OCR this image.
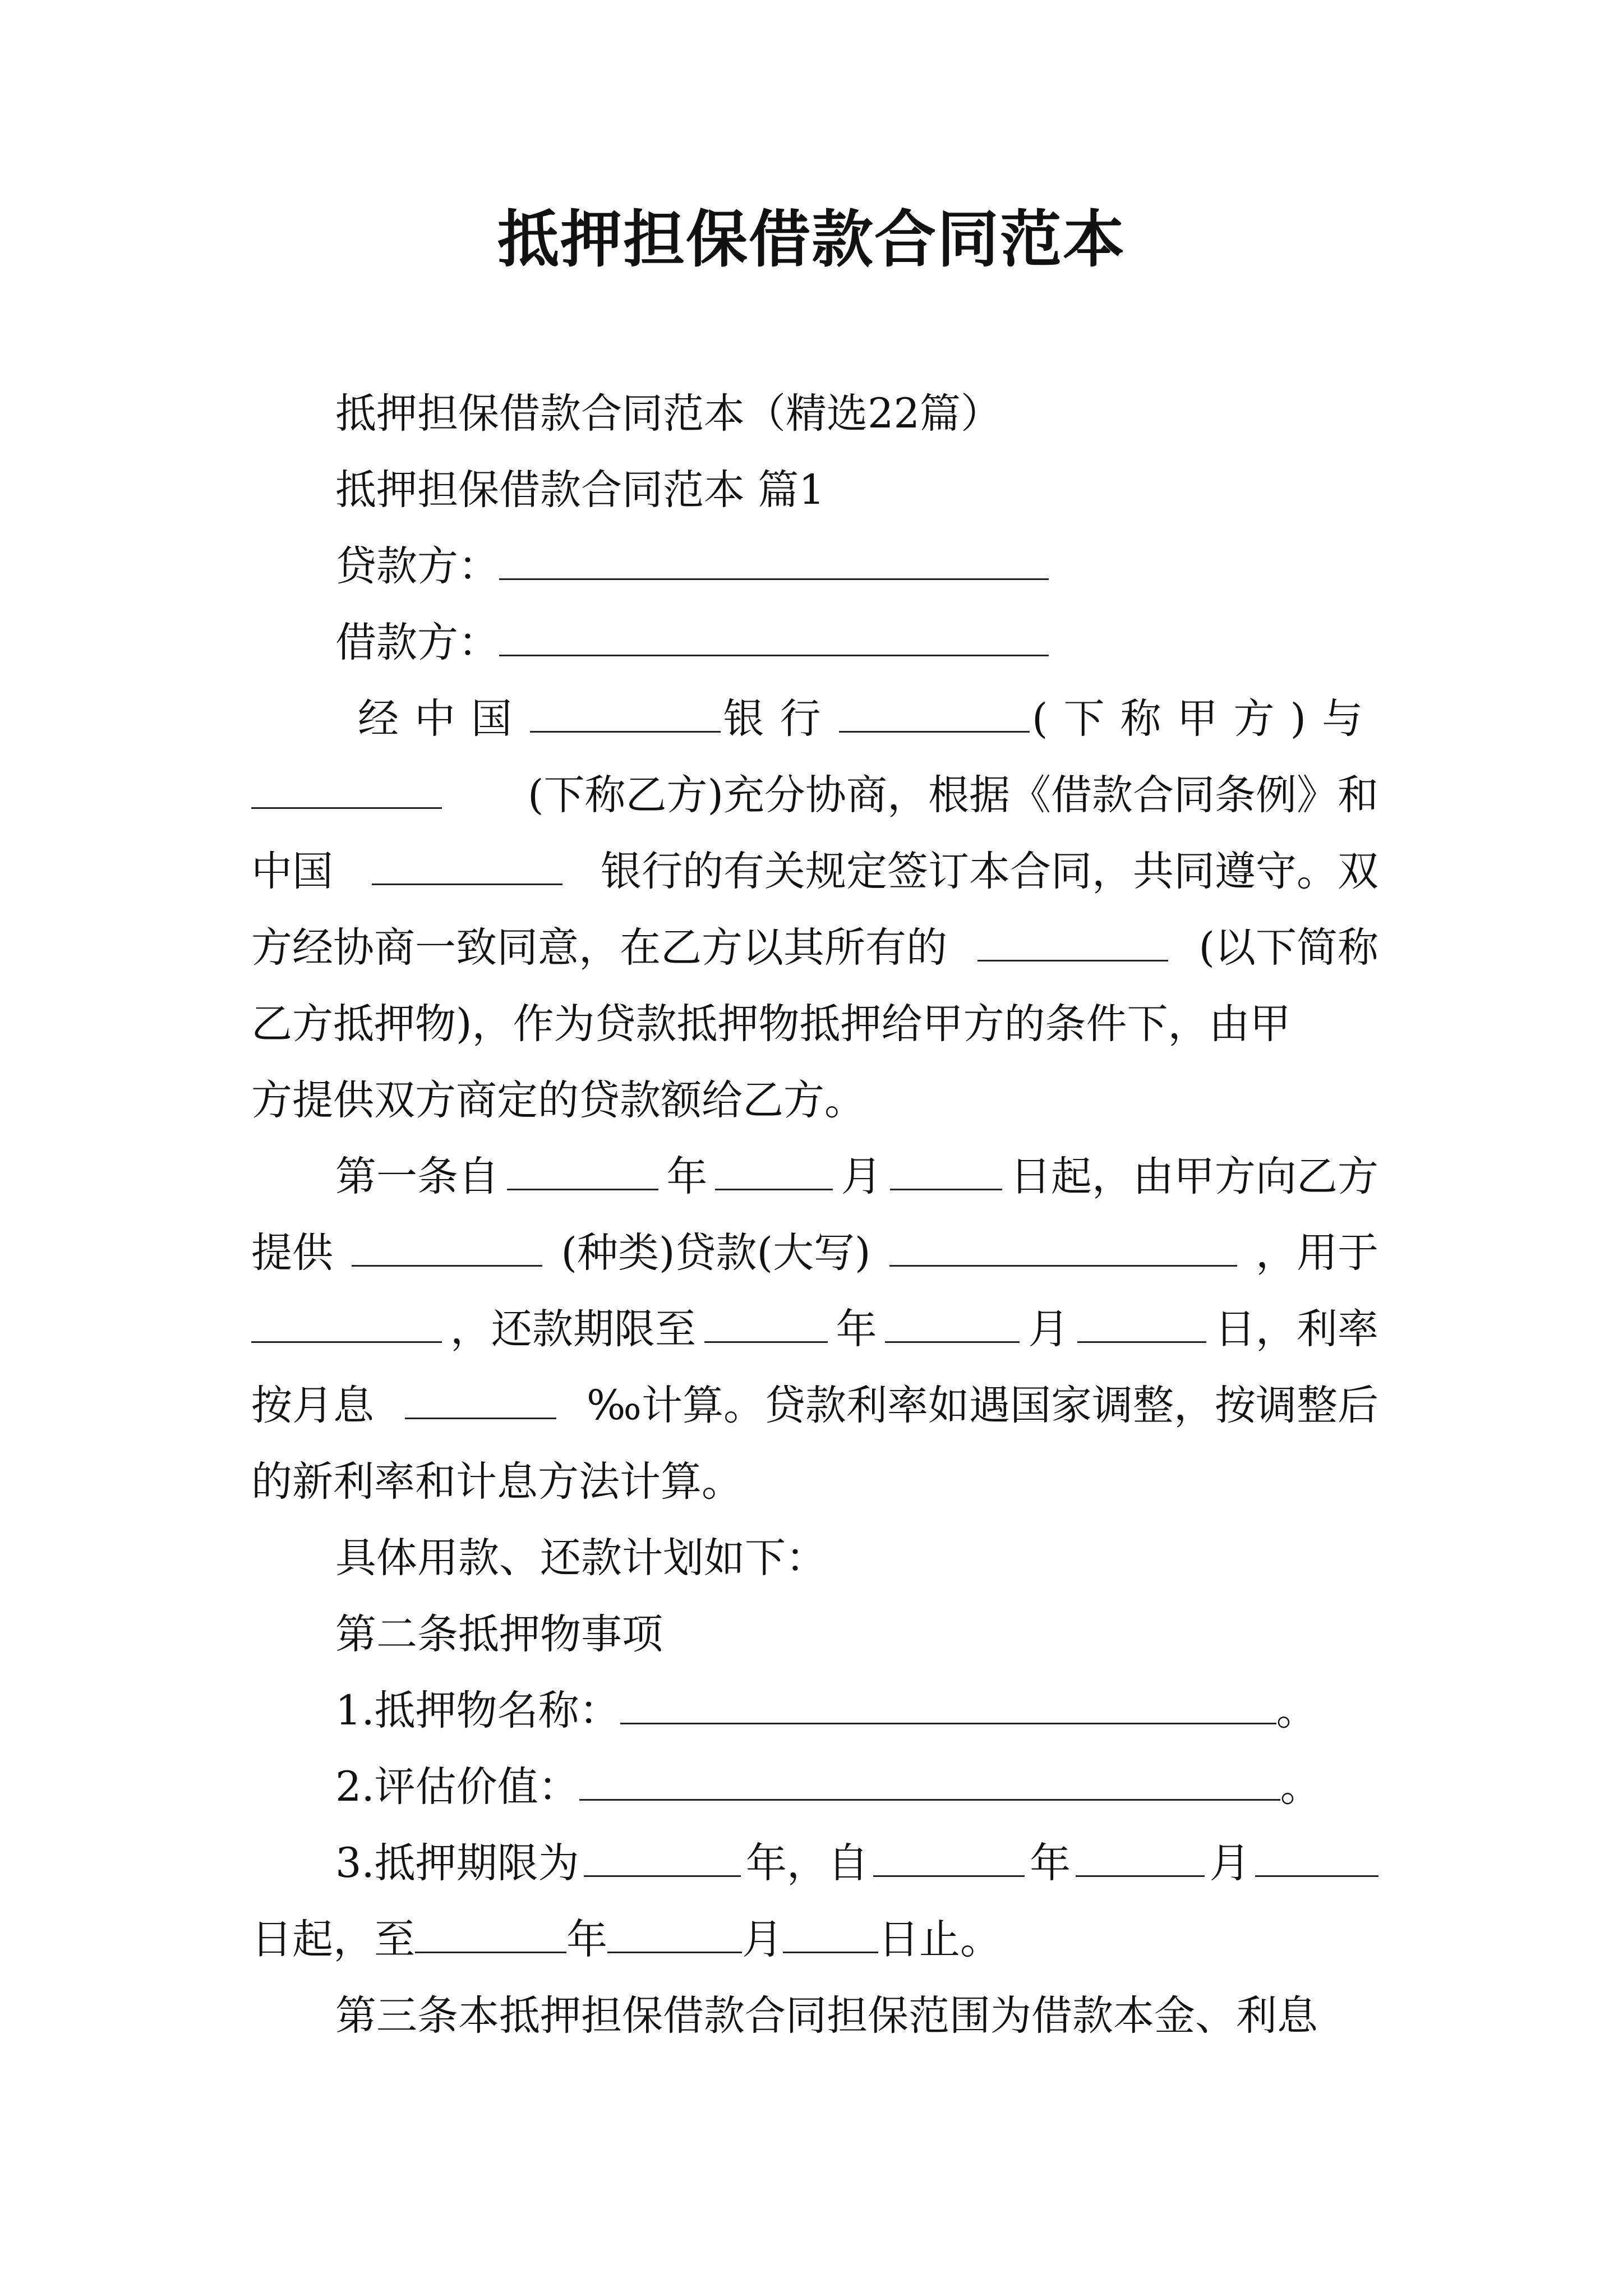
抵押担保借款合同范本
抵押担保借款合同范本（精选22篇）
抵押担保借款合同范本 篇1
贷款方：
借款方：
经中国	银行	(下称甲方)与
(下称乙方)充分协商，根据《借款合同条例》和
中国	银行的有关规定签订本合同，共同遵守。双
方经协商一致同意，在乙方以其所有的	(以下简称
乙方抵押物)，作为贷款抵押物抵押给甲方的条件下，由甲
方提供双方商定的贷款额给乙方。
第一条自	年	月	日起，由甲方向乙方
提供	(种类)贷款(大写)	，用于
，还款期限至	年	月	日，利率
按月息	‰计算。贷款利率如遇国家调整，按调整后
的新利率和计息方法计算。
具体用款、还款计划如下：
第二条抵押物事项
1.抵押物名称：	。
2.评估价值：	。
3.抵押期限为	年，自	年	月
日起，至	年	月 日止。
第三条本抵押担保借款合同担保范围为借款本金、利息
